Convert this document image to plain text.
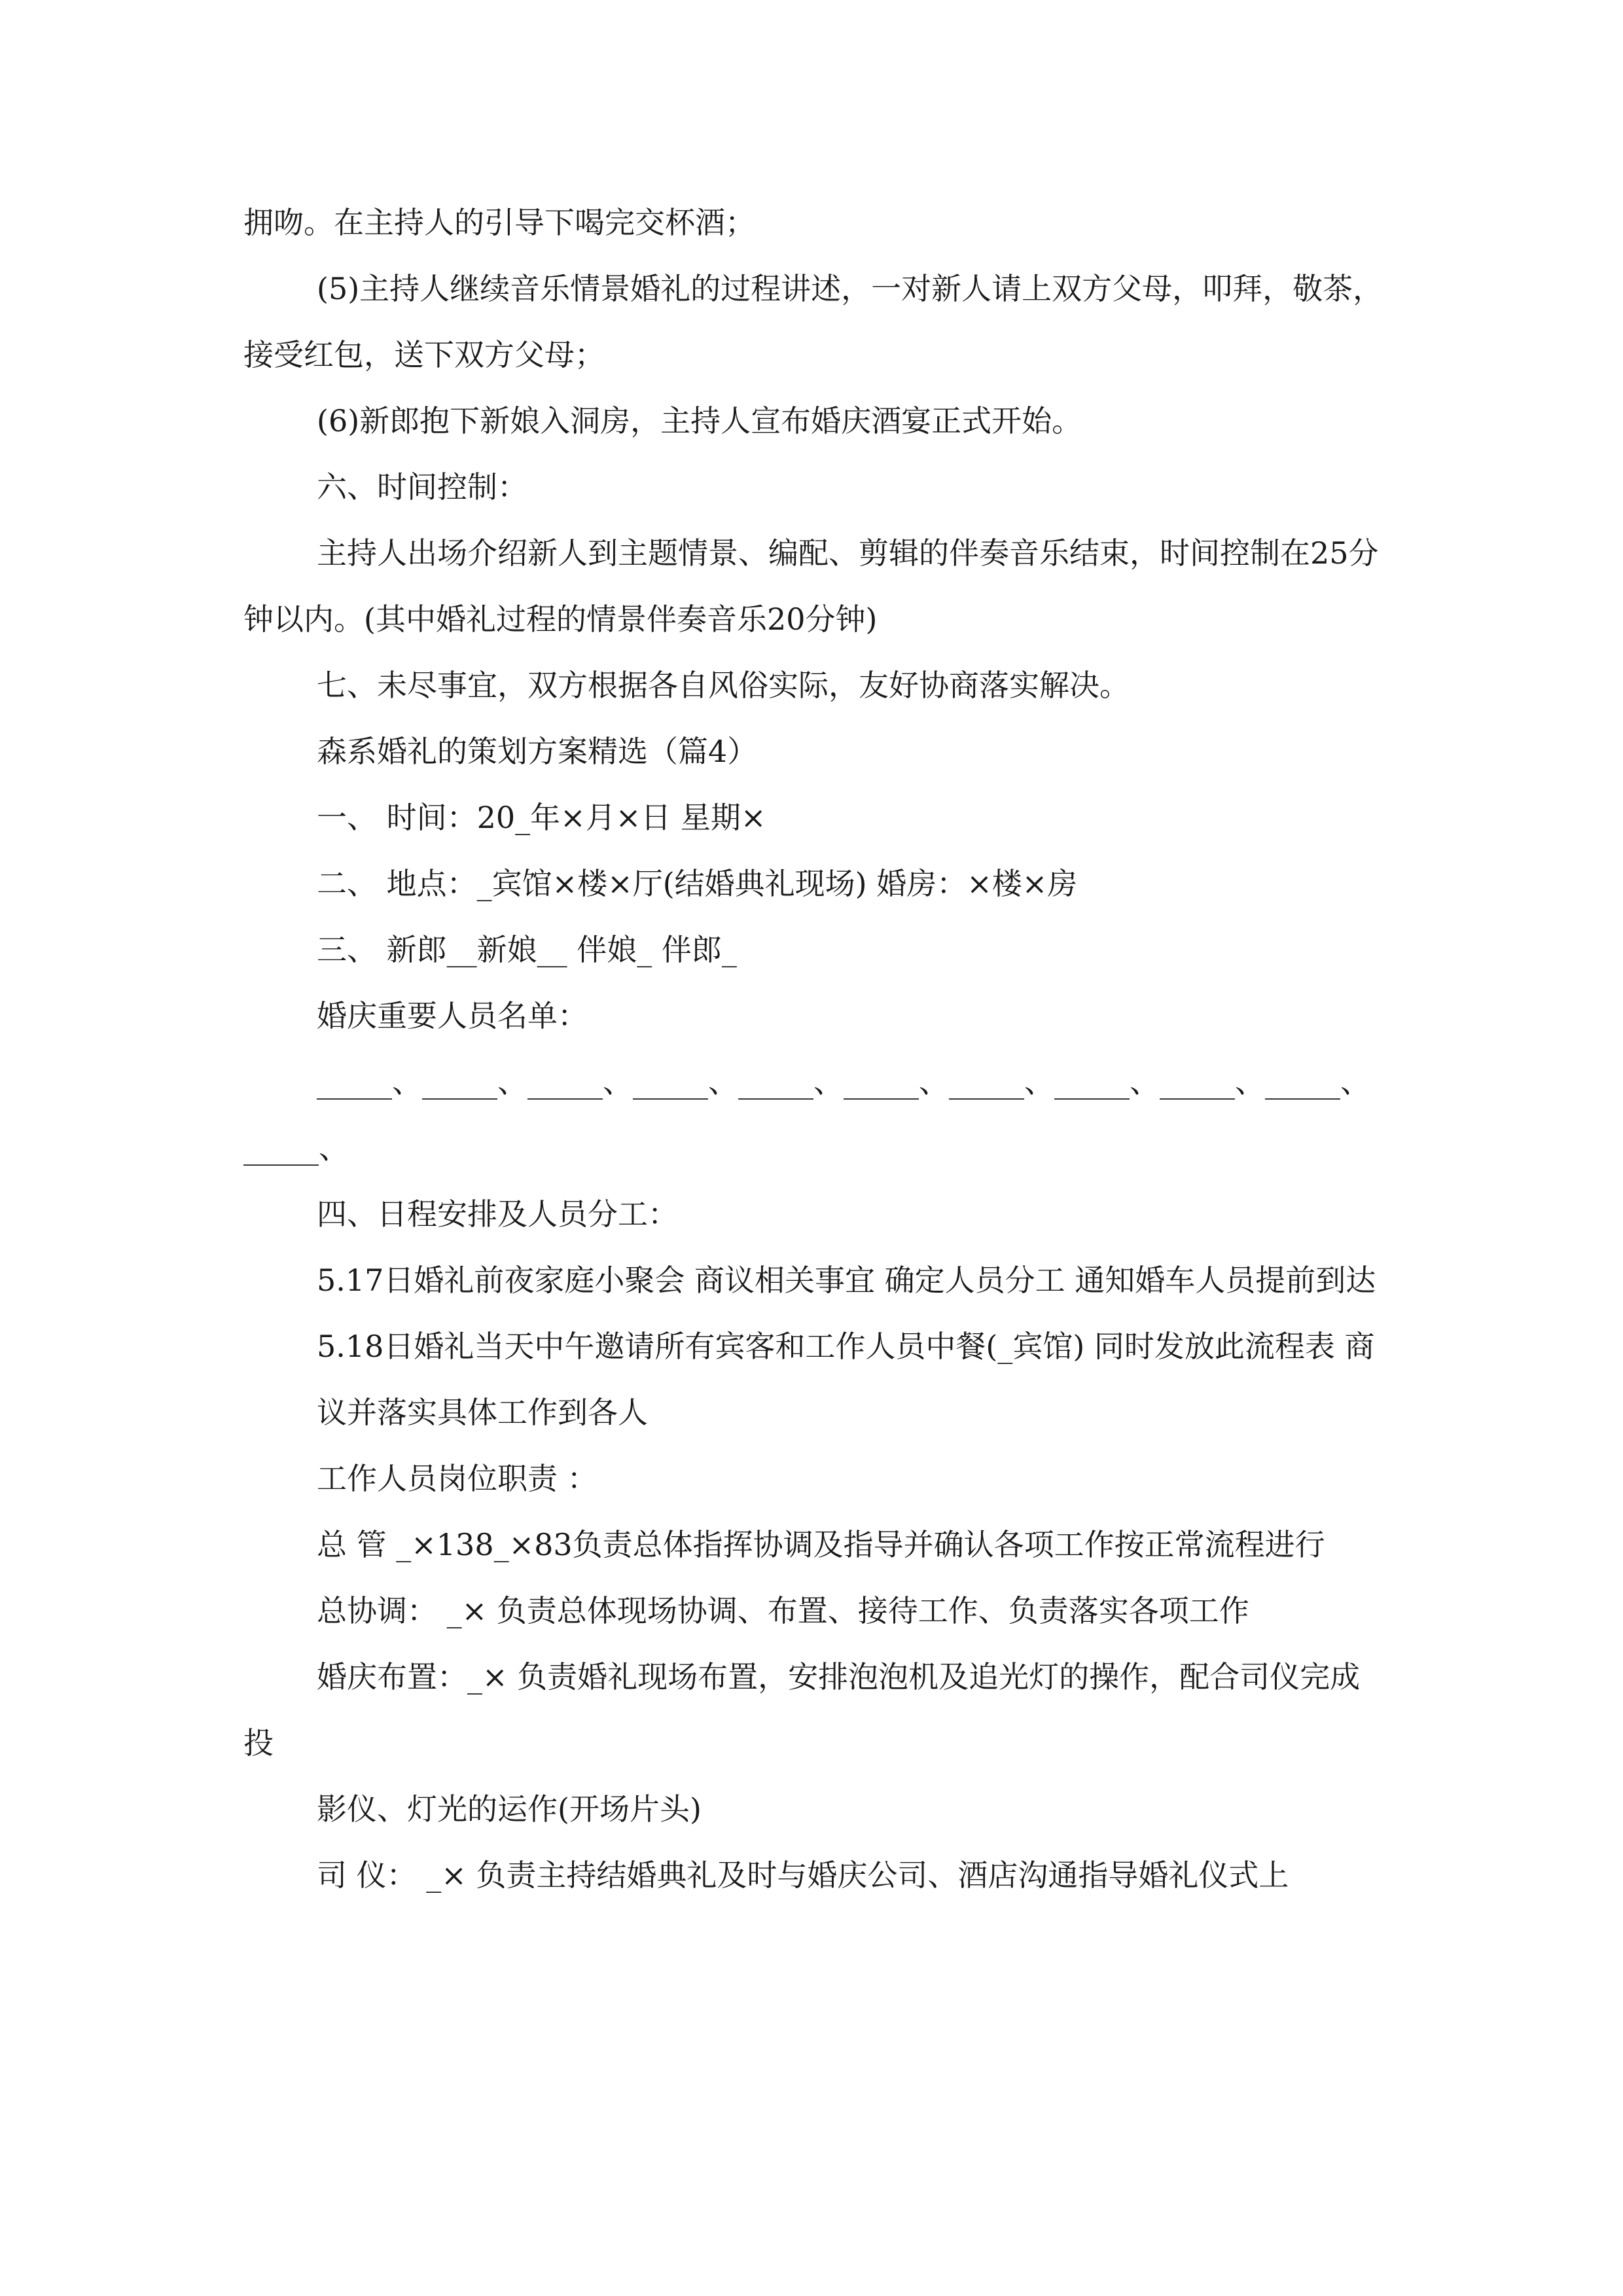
拥吻。在主持人的引导下喝完交杯酒；

(5)主持人继续音乐情景婚礼的过程讲述，一对新人请上双方父母，叩拜，敬茶，接受红包，送下双方父母；

(6)新郎抱下新娘入洞房，主持人宣布婚庆酒宴正式开始。

六、时间控制：

主持人出场介绍新人到主题情景、编配、剪辑的伴奏音乐结束，时间控制在25分钟以内。(其中婚礼过程的情景伴奏音乐20分钟)

七、未尽事宜，双方根据各自风俗实际，友好协商落实解决。

森系婚礼的策划方案精选（篇4）

一、 时间：20_年×月×日 星期×

二、 地点：_宾馆×楼×厅(结婚典礼现场) 婚房：×楼×房

三、 新郎__新娘__ 伴娘_ 伴郎_

婚庆重要人员名单：

_____、_____、_____、_____、_____、_____、_____、_____、_____、_____、_____、

四、日程安排及人员分工：

5.17日婚礼前夜家庭小聚会 商议相关事宜 确定人员分工 通知婚车人员提前到达

5.18日婚礼当天中午邀请所有宾客和工作人员中餐(_宾馆) 同时发放此流程表 商

议并落实具体工作到各人

工作人员岗位职责 ：

总 管 _×138_×83负责总体指挥协调及指导并确认各项工作按正常流程进行

总协调： _× 负责总体现场协调、布置、接待工作、负责落实各项工作

婚庆布置：_× 负责婚礼现场布置，安排泡泡机及追光灯的操作，配合司仪完成投

影仪、灯光的运作(开场片头)

司 仪： _× 负责主持结婚典礼及时与婚庆公司、酒店沟通指导婚礼仪式上
